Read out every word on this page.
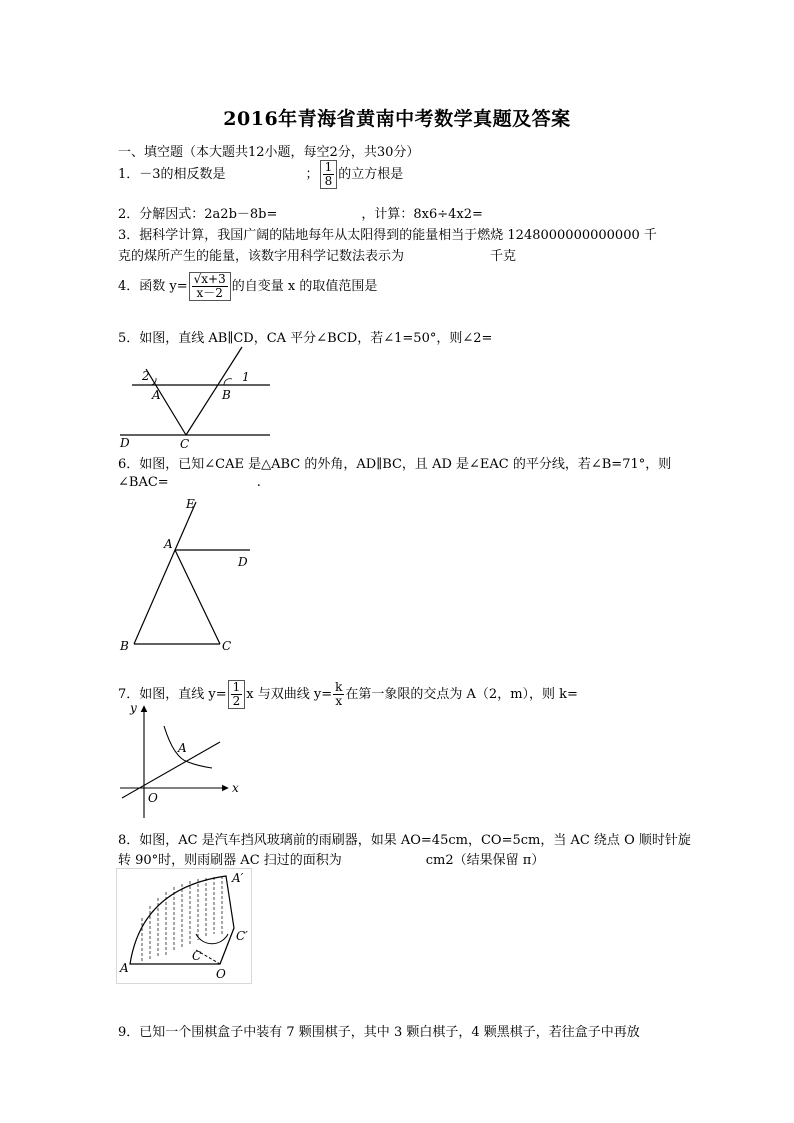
2016年青海省黄南中考数学真题及答案
一、填空题（本大题共12小题，每空2分，共30分）
1．－3的相反数是	； $\frac{1}{8}$ 的立方根是
2．分解因式：2a2b－8b=	，计算：8x6÷4x2=
3．据科学计算，我国广阔的陆地每年从太阳得到的能量相当于燃烧 1248000000000000 千
克的煤所产生的能量，该数字用科学记数法表示为	千克
4．函数 $y= \frac{√x+3}{x-2}$ 的自变量 x 的取值范围是
5．如图，直线 AB∥CD，CA 平分∠BCD，若∠1=50°，则∠2=
2	1
A	B
D	C
6．如图，已知∠CAE 是△ABC 的外角，AD∥BC，且 AD 是∠EAC 的平分线，若∠B=71°，则
∠BAC=	.
E
A
D
B	C
7．如图，直线 $y= \frac{1}{2}$ x 与双曲线 $y= \frac{k}{x}$ 在第一象限的交点为 A（2，m），则 k=
y
x
O
A
8．如图，AC 是汽车挡风玻璃前的雨刷器，如果 AO=45cm，CO=5cm，当 AC 绕点 O 顺时针旋
转 90°时，则雨刷器 AC 扫过的面积为	cm2（结果保留 π）
A′
C′
C
A	O
9．已知一个围棋盒子中装有 7 颗围棋子，其中 3 颗白棋子，4 颗黑棋子，若往盒子中再放
